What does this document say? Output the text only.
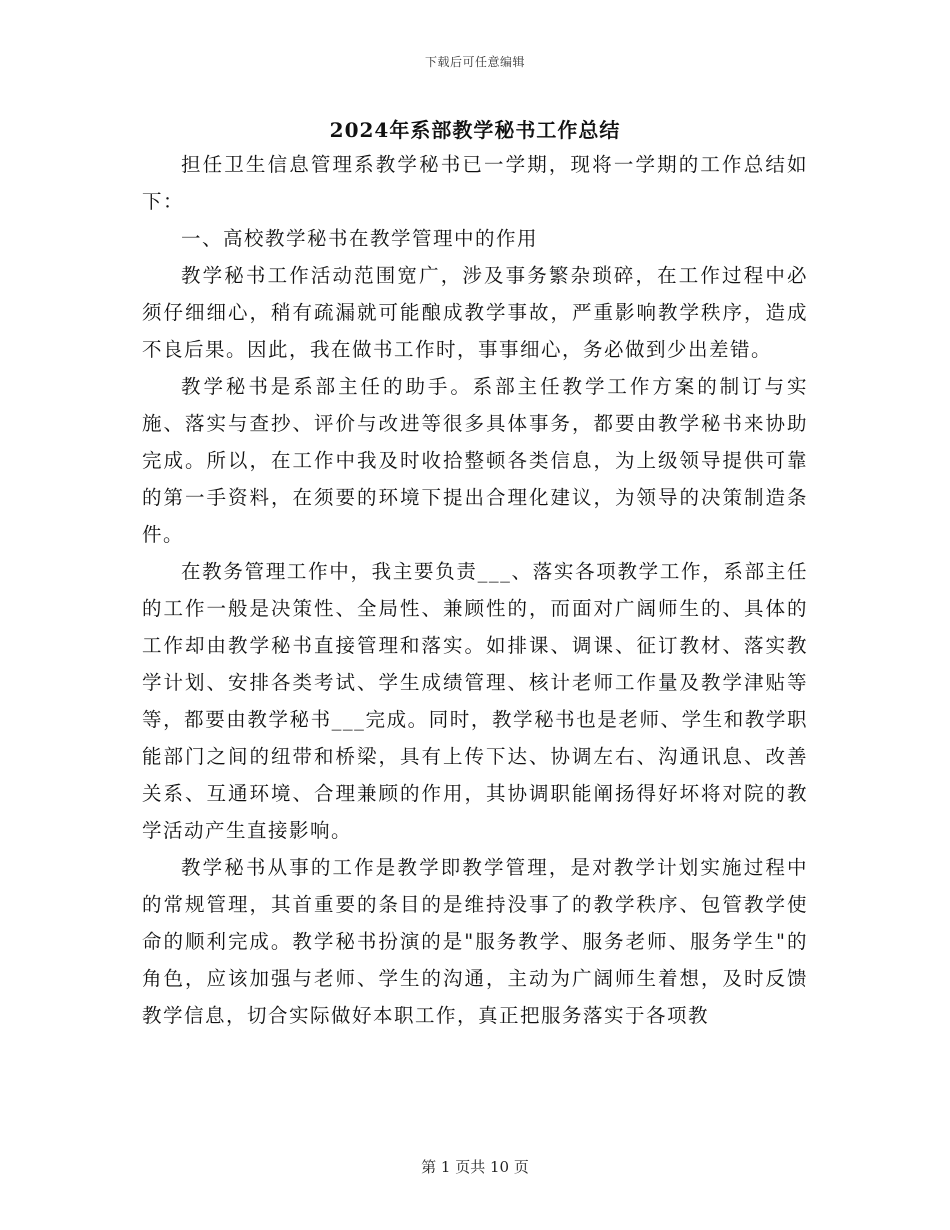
下载后可任意编辑
2024年系部教学秘书工作总结

担任卫生信息管理系教学秘书已一学期，现将一学期的工作总结如下：

一、高校教学秘书在教学管理中的作用

教学秘书工作活动范围宽广，涉及事务繁杂琐碎，在工作过程中必须仔细细心，稍有疏漏就可能酿成教学事故，严重影响教学秩序，造成不良后果。因此，我在做书工作时，事事细心，务必做到少出差错。

教学秘书是系部主任的助手。系部主任教学工作方案的制订与实施、落实与查抄、评价与改进等很多具体事务，都要由教学秘书来协助完成。所以，在工作中我及时收拾整顿各类信息，为上级领导提供可靠的第一手资料，在须要的环境下提出合理化建议，为领导的决策制造条件。

在教务管理工作中，我主要负责___、落实各项教学工作，系部主任的工作一般是决策性、全局性、兼顾性的，而面对广阔师生的、具体的工作却由教学秘书直接管理和落实。如排课、调课、征订教材、落实教学计划、安排各类考试、学生成绩管理、核计老师工作量及教学津贴等等，都要由教学秘书___完成。同时，教学秘书也是老师、学生和教学职能部门之间的纽带和桥梁，具有上传下达、协调左右、沟通讯息、改善关系、互通环境、合理兼顾的作用，其协调职能阐扬得好坏将对院的教学活动产生直接影响。

教学秘书从事的工作是教学即教学管理，是对教学计划实施过程中的常规管理，其首重要的条目的是维持没事了的教学秩序、包管教学使命的顺利完成。教学秘书扮演的是"服务教学、服务老师、服务学生"的角色，应该加强与老师、学生的沟通，主动为广阔师生着想，及时反馈教学信息，切合实际做好本职工作，真正把服务落实于各项教

第 1 页共 10 页
